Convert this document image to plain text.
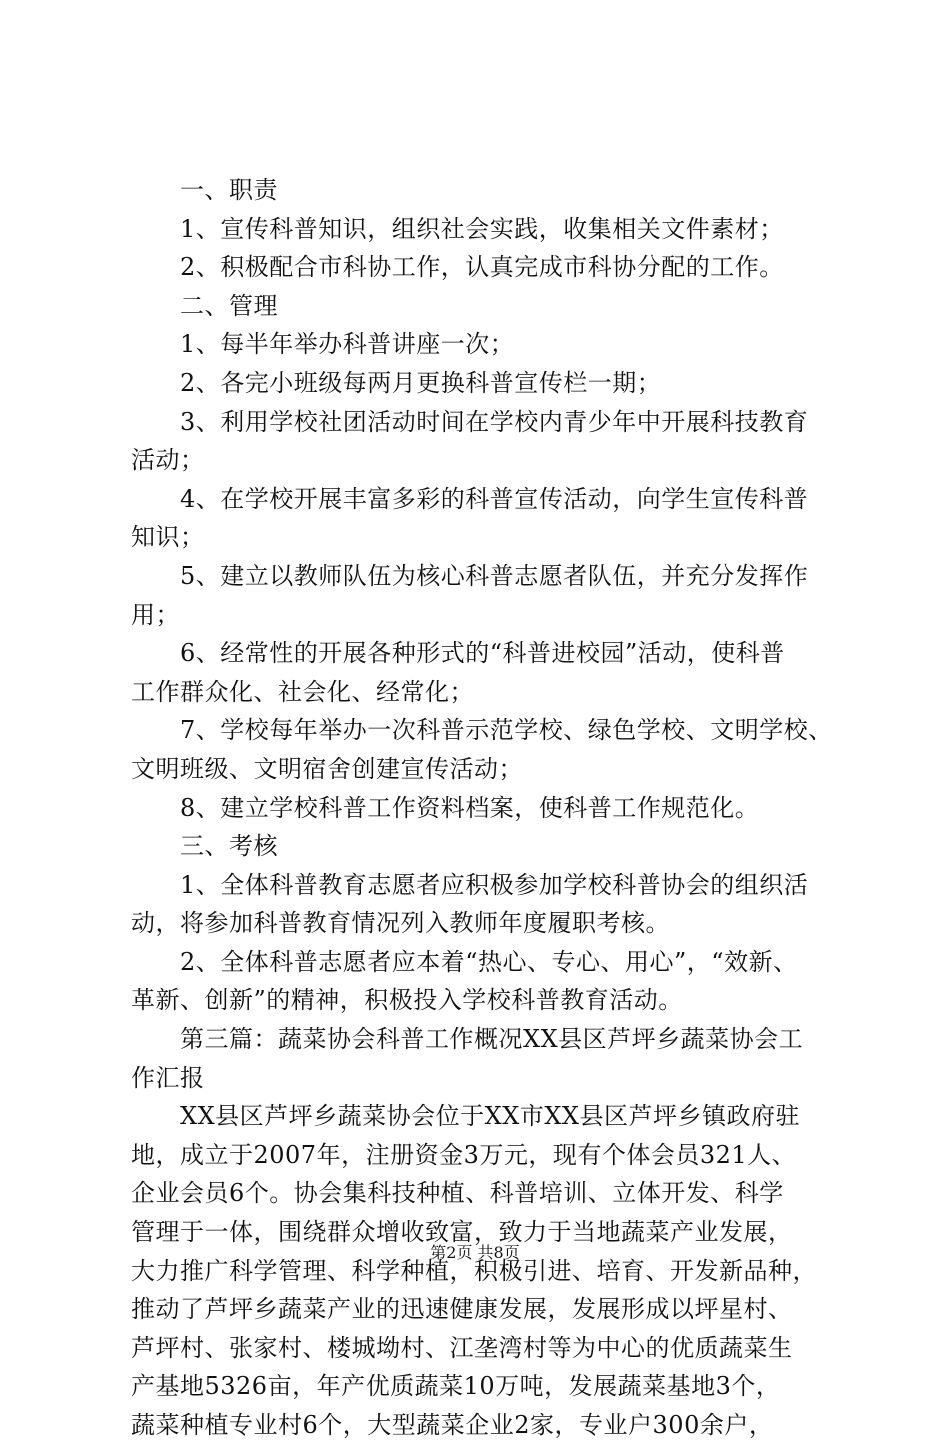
　　一、职责
　　1、宣传科普知识，组织社会实践，收集相关文件素材；
　　2、积极配合市科协工作，认真完成市科协分配的工作。
　　二、管理
　　1、每半年举办科普讲座一次；
　　2、各完小班级每两月更换科普宣传栏一期；
　　3、利用学校社团活动时间在学校内青少年中开展科技教育
活动；
　　4、在学校开展丰富多彩的科普宣传活动，向学生宣传科普
知识；
　　5、建立以教师队伍为核心科普志愿者队伍，并充分发挥作
用；
　　6、经常性的开展各种形式的“科普进校园”活动，使科普
工作群众化、社会化、经常化；
　　7、学校每年举办一次科普示范学校、绿色学校、文明学校、
文明班级、文明宿舍创建宣传活动；
　　8、建立学校科普工作资料档案，使科普工作规范化。
　　三、考核
　　1、全体科普教育志愿者应积极参加学校科普协会的组织活
动，将参加科普教育情况列入教师年度履职考核。
　　2、全体科普志愿者应本着“热心、专心、用心”，“效新、
革新、创新”的精神，积极投入学校科普教育活动。
　　第三篇：蔬菜协会科普工作概况XX县区芦坪乡蔬菜协会工
作汇报
　　XX县区芦坪乡蔬菜协会位于XX市XX县区芦坪乡镇政府驻
地，成立于2007年，注册资金3万元，现有个体会员321人、
企业会员6个。协会集科技种植、科普培训、立体开发、科学
管理于一体，围绕群众增收致富，致力于当地蔬菜产业发展，
大力推广科学管理、科学种植，积极引进、培育、开发新品种，
推动了芦坪乡蔬菜产业的迅速健康发展，发展形成以坪星村、
芦坪村、张家村、楼城坳村、江垄湾村等为中心的优质蔬菜生
产基地5326亩，年产优质蔬菜10万吨，发展蔬菜基地3个，
蔬菜种植专业村6个，大型蔬菜企业2家，专业户300余户，
第2页 共8页
